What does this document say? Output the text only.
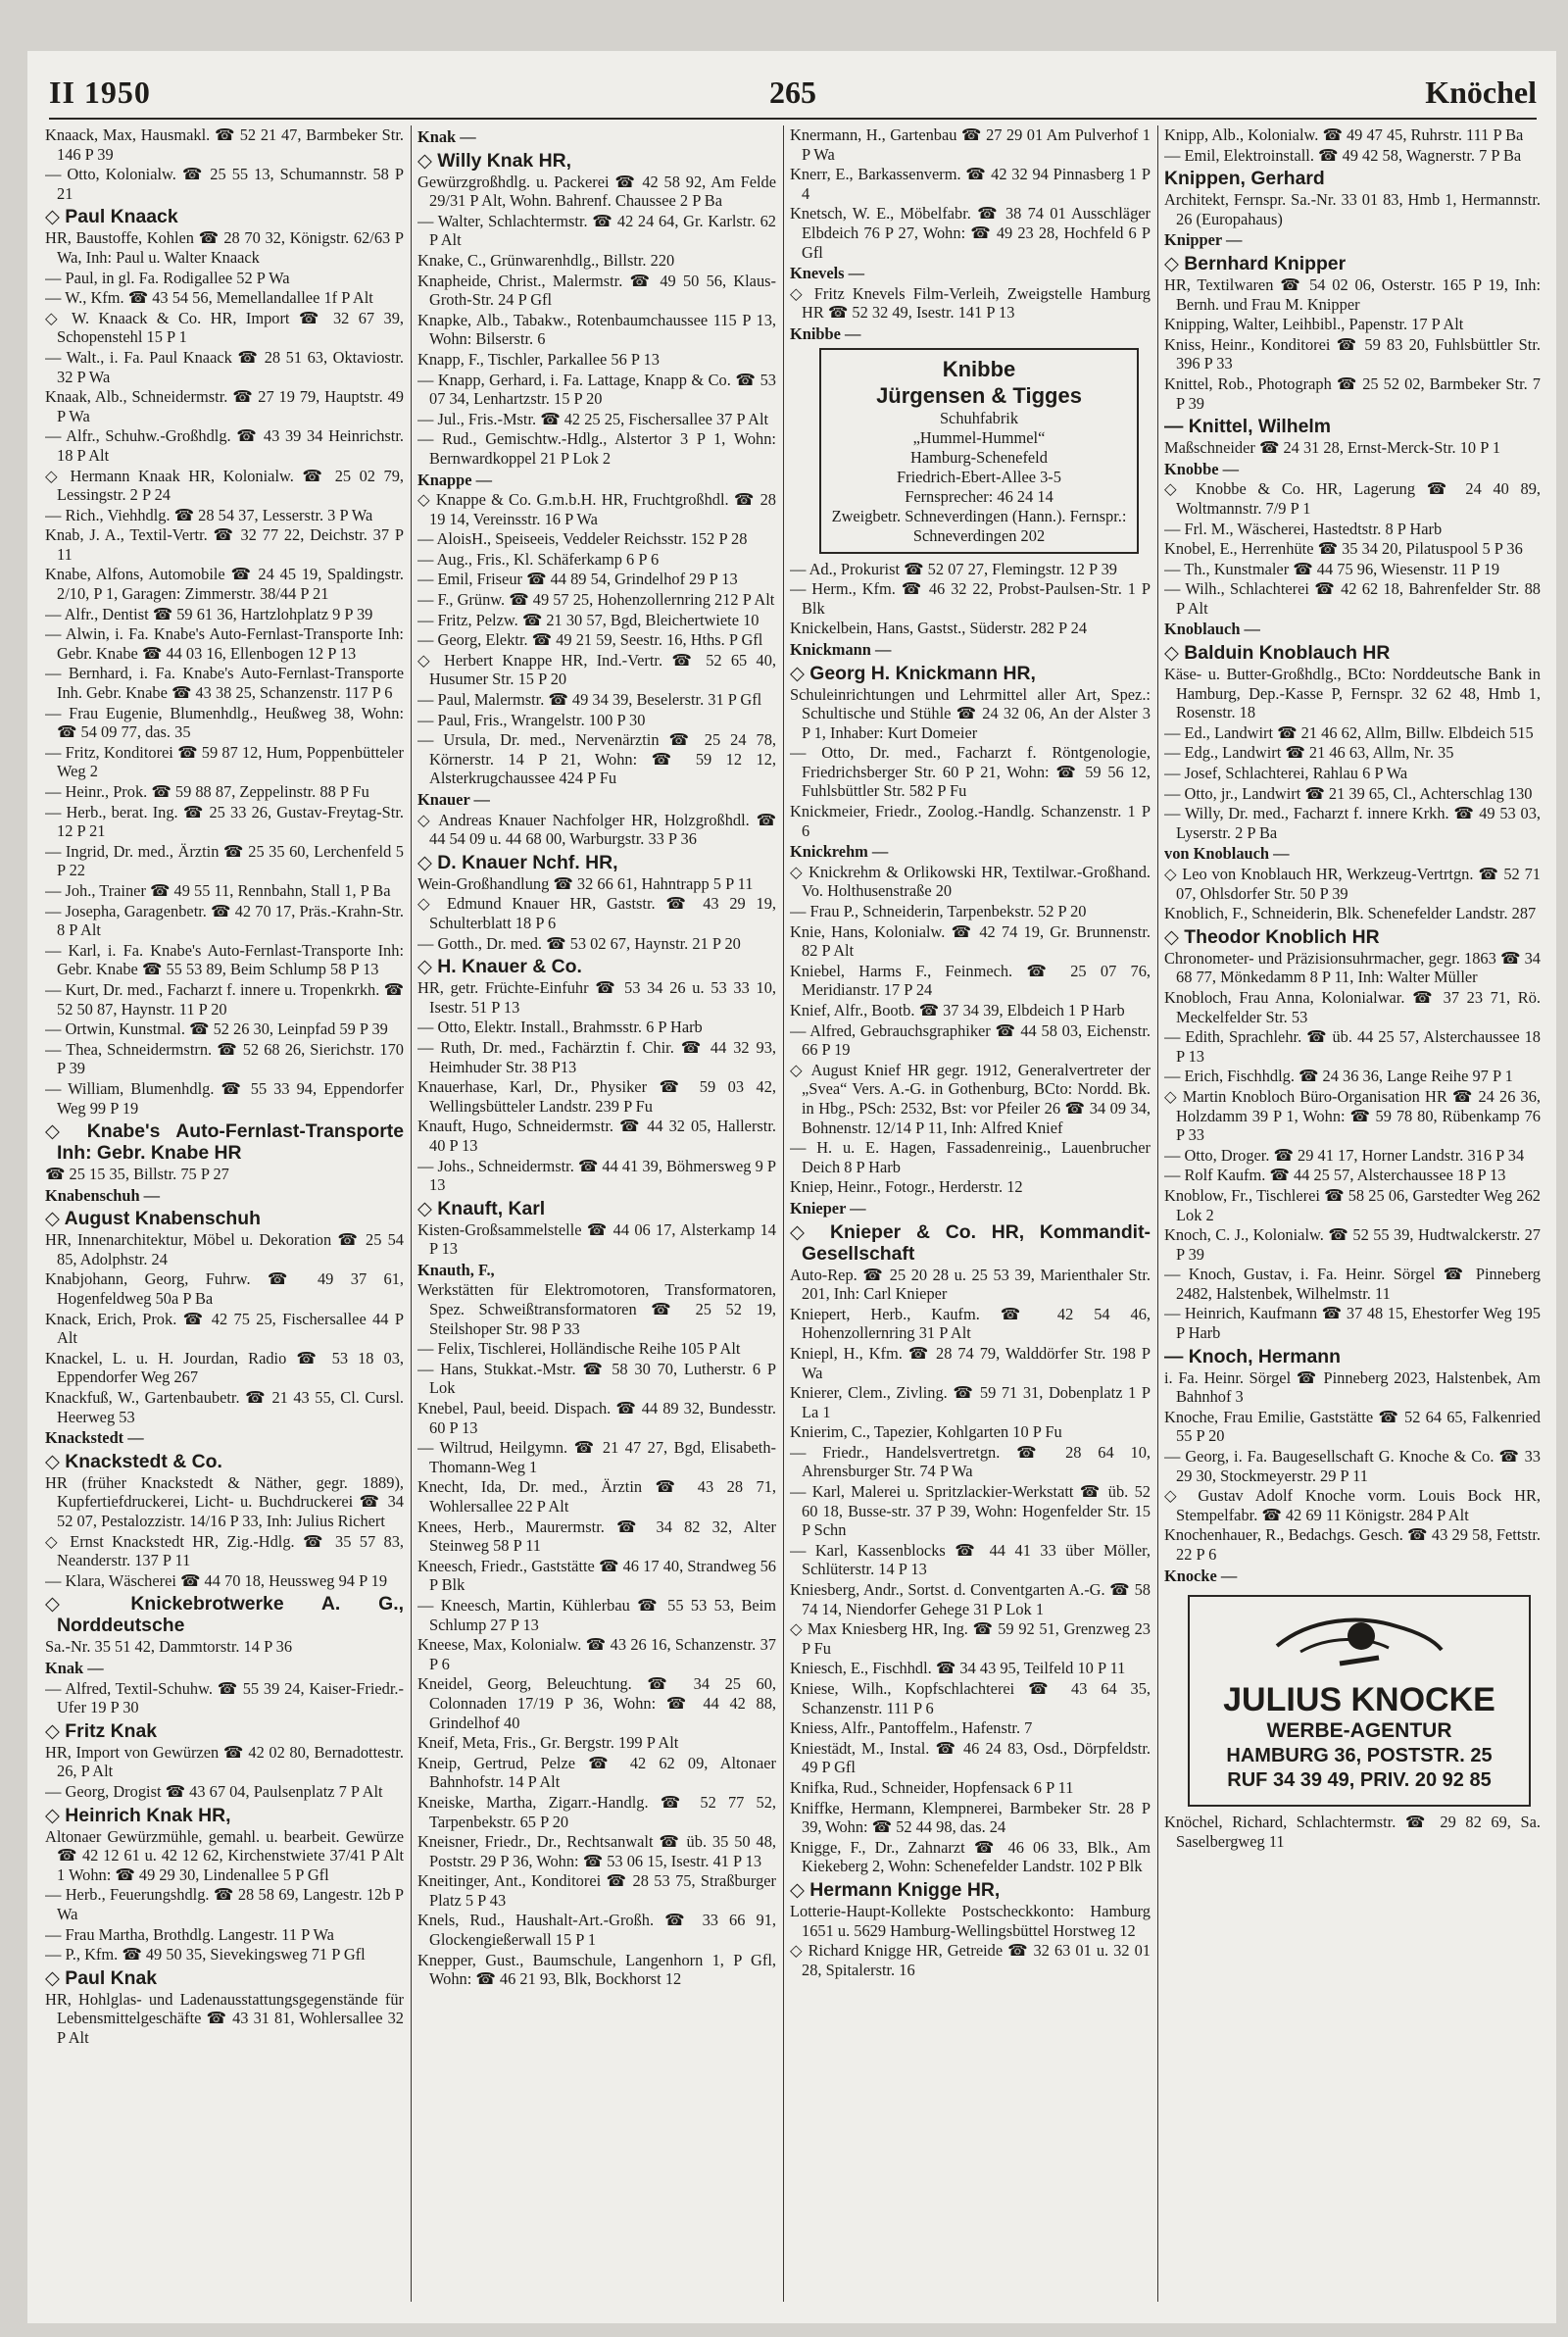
II 1950	265	Knöchel
Knaack, Max, Hausmakl. ☎ 52 21 47, Barmbeker Str. 146 P 39
— Otto, Kolonialw. ☎ 25 55 13, Schumannstr. 58 P 21
◇ Paul Knaack
HR, Baustoffe, Kohlen ☎ 28 70 32, Königstr. 62/63 P Wa, Inh: Paul u. Walter Knaack
— Paul, in gl. Fa. Rodigallee 52 P Wa
— W., Kfm. ☎ 43 54 56, Memellandallee 1f P Alt
◇ W. Knaack & Co. HR, Import ☎ 32 67 39, Schopenstehl 15 P 1
— Walt., i. Fa. Paul Knaack ☎ 28 51 63, Oktaviostr. 32 P Wa
Knaak, Alb., Schneidermstr. ☎ 27 19 79, Hauptstr. 49 P Wa
— Alfr., Schuhw.-Großhdlg. ☎ 43 39 34 Heinrichstr. 18 P Alt
◇ Hermann Knaak HR, Kolonialw. ☎ 25 02 79, Lessingstr. 2 P 24
— Rich., Viehhdlg. ☎ 28 54 37, Lesserstr. 3 P Wa
Knab, J. A., Textil-Vertr. ☎ 32 77 22, Deichstr. 37 P 11
Knabe, Alfons, Automobile ☎ 24 45 19, Spaldingstr. 2/10, P 1, Garagen: Zimmerstr. 38/44 P 21
— Alfr., Dentist ☎ 59 61 36, Hartzlohplatz 9 P 39
— Alwin, i. Fa. Knabe's Auto-Fernlast-Transporte Inh: Gebr. Knabe ☎ 44 03 16, Ellenbogen 12 P 13
— Bernhard, i. Fa. Knabe's Auto-Fernlast-Transporte Inh. Gebr. Knabe ☎ 43 38 25, Schanzenstr. 117 P 6
— Frau Eugenie, Blumenhdlg., Heußweg 38, Wohn: ☎ 54 09 77, das. 35
— Fritz, Konditorei ☎ 59 87 12, Hum, Poppenbütteler Weg 2
— Heinr., Prok. ☎ 59 88 87, Zeppelinstr. 88 P Fu
— Herb., berat. Ing. ☎ 25 33 26, Gustav-Freytag-Str. 12 P 21
— Ingrid, Dr. med., Ärztin ☎ 25 35 60, Lerchenfeld 5 P 22
— Joh., Trainer ☎ 49 55 11, Rennbahn, Stall 1, P Ba
— Josepha, Garagenbetr. ☎ 42 70 17, Präs.-Krahn-Str. 8 P Alt
— Karl, i. Fa. Knabe's Auto-Fernlast-Transporte Inh: Gebr. Knabe ☎ 55 53 89, Beim Schlump 58 P 13
— Kurt, Dr. med., Facharzt f. innere u. Tropenkrkh. ☎ 52 50 87, Haynstr. 11 P 20
— Ortwin, Kunstmal. ☎ 52 26 30, Leinpfad 59 P 39
— Thea, Schneidermstrn. ☎ 52 68 26, Sierichstr. 170 P 39
— William, Blumenhdlg. ☎ 55 33 94, Eppendorfer Weg 99 P 19
◇ Knabe's Auto-Fernlast-Transporte Inh: Gebr. Knabe HR
☎ 25 15 35, Billstr. 75 P 27
Knabenschuh —
◇ August Knabenschuh
HR, Innenarchitektur, Möbel u. Dekoration ☎ 25 54 85, Adolphstr. 24
Knabjohann, Georg, Fuhrw. ☎ 49 37 61, Hogenfeldweg 50a P Ba
Knack, Erich, Prok. ☎ 42 75 25, Fischersallee 44 P Alt
Knackel, L. u. H. Jourdan, Radio ☎ 53 18 03, Eppendorfer Weg 267
Knackfuß, W., Gartenbaubetr. ☎ 21 43 55, Cl. Cursl. Heerweg 53
Knackstedt —
◇ Knackstedt & Co.
HR (früher Knackstedt & Näther, gegr. 1889), Kupfertiefdruckerei, Licht- u. Buchdruckerei ☎ 34 52 07, Pestalozzistr. 14/16 P 33, Inh: Julius Richert
◇ Ernst Knackstedt HR, Zig.-Hdlg. ☎ 35 57 83, Neanderstr. 137 P 11
— Klara, Wäscherei ☎ 44 70 18, Heussweg 94 P 19
◇ Knickebrotwerke A. G., Norddeutsche
Sa.-Nr. 35 51 42, Dammtorstr. 14 P 36
Knak —
— Alfred, Textil-Schuhw. ☎ 55 39 24, Kaiser-Friedr.-Ufer 19 P 30
◇ Fritz Knak
HR, Import von Gewürzen ☎ 42 02 80, Bernadottestr. 26, P Alt
— Georg, Drogist ☎ 43 67 04, Paulsenplatz 7 P Alt
◇ Heinrich Knak HR,
Altonaer Gewürzmühle, gemahl. u. bearbeit. Gewürze ☎ 42 12 61 u. 42 12 62, Kirchenstwiete 37/41 P Alt 1 Wohn: ☎ 49 29 30, Lindenallee 5 P Gfl
— Herb., Feuerungshdlg. ☎ 28 58 69, Langestr. 12b P Wa
— Frau Martha, Brothdlg. Langestr. 11 P Wa
— P., Kfm. ☎ 49 50 35, Sievekingsweg 71 P Gfl
◇ Paul Knak
HR, Hohlglas- und Ladenausstattungsgegenstände für Lebensmittelgeschäfte ☎ 43 31 81, Wohlersallee 32 P Alt
Knak —
◇ Willy Knak HR,
Gewürzgroßhdlg. u. Packerei ☎ 42 58 92, Am Felde 29/31 P Alt, Wohn. Bahrenf. Chaussee 2 P Ba
— Walter, Schlachtermstr. ☎ 42 24 64, Gr. Karlstr. 62 P Alt
Knake, C., Grünwarenhdlg., Billstr. 220
Knapheide, Christ., Malermstr. ☎ 49 50 56, Klaus-Groth-Str. 24 P Gfl
Knapke, Alb., Tabakw., Rotenbaumchaussee 115 P 13, Wohn: Bilserstr. 6
Knapp, F., Tischler, Parkallee 56 P 13
— Knapp, Gerhard, i. Fa. Lattage, Knapp & Co. ☎ 53 07 34, Lenhartzstr. 15 P 20
— Jul., Fris.-Mstr. ☎ 42 25 25, Fischersallee 37 P Alt
— Rud., Gemischtw.-Hdlg., Alstertor 3 P 1, Wohn: Bernwardkoppel 21 P Lok 2
Knappe —
◇ Knappe & Co. G.m.b.H. HR, Fruchtgroßhdl. ☎ 28 19 14, Vereinsstr. 16 P Wa
— AloisH., Speiseeis, Veddeler Reichsstr. 152 P 28
— Aug., Fris., Kl. Schäferkamp 6 P 6
— Emil, Friseur ☎ 44 89 54, Grindelhof 29 P 13
— F., Grünw. ☎ 49 57 25, Hohenzollernring 212 P Alt
— Fritz, Pelzw. ☎ 21 30 57, Bgd, Bleichertwiete 10
— Georg, Elektr. ☎ 49 21 59, Seestr. 16, Hths. P Gfl
◇ Herbert Knappe HR, Ind.-Vertr. ☎ 52 65 40, Husumer Str. 15 P 20
— Paul, Malermstr. ☎ 49 34 39, Beselerstr. 31 P Gfl
— Paul, Fris., Wrangelstr. 100 P 30
— Ursula, Dr. med., Nervenärztin ☎ 25 24 78, Körnerstr. 14 P 21, Wohn: ☎ 59 12 12, Alsterkrugchaussee 424 P Fu
Knauer —
◇ Andreas Knauer Nachfolger HR, Holzgroßhdl. ☎ 44 54 09 u. 44 68 00, Warburgstr. 33 P 36
◇ D. Knauer Nchf. HR,
Wein-Großhandlung ☎ 32 66 61, Hahntrapp 5 P 11
◇ Edmund Knauer HR, Gaststr. ☎ 43 29 19, Schulterblatt 18 P 6
— Gotth., Dr. med. ☎ 53 02 67, Haynstr. 21 P 20
◇ H. Knauer & Co.
HR, getr. Früchte-Einfuhr ☎ 53 34 26 u. 53 33 10, Isestr. 51 P 13
— Otto, Elektr. Install., Brahmsstr. 6 P Harb
— Ruth, Dr. med., Fachärztin f. Chir. ☎ 44 32 93, Heimhuder Str. 38 P13
Knauerhase, Karl, Dr., Physiker ☎ 59 03 42, Wellingsbütteler Landstr. 239 P Fu
Knauft, Hugo, Schneidermstr. ☎ 44 32 05, Hallerstr. 40 P 13
— Johs., Schneidermstr. ☎ 44 41 39, Böhmersweg 9 P 13
◇ Knauft, Karl
Kisten-Großsammelstelle ☎ 44 06 17, Alsterkamp 14 P 13
Knauth, F.,
Werkstätten für Elektromotoren, Transformatoren, Spez. Schweißtransformatoren ☎ 25 52 19, Steilshoper Str. 98 P 33
— Felix, Tischlerei, Holländische Reihe 105 P Alt
— Hans, Stukkat.-Mstr. ☎ 58 30 70, Lutherstr. 6 P Lok
Knebel, Paul, beeid. Dispach. ☎ 44 89 32, Bundesstr. 60 P 13
— Wiltrud, Heilgymn. ☎ 21 47 27, Bgd, Elisabeth-Thomann-Weg 1
Knecht, Ida, Dr. med., Ärztin ☎ 43 28 71, Wohlersallee 22 P Alt
Knees, Herb., Maurermstr. ☎ 34 82 32, Alter Steinweg 58 P 11
Kneesch, Friedr., Gaststätte ☎ 46 17 40, Strandweg 56 P Blk
— Kneesch, Martin, Kühlerbau ☎ 55 53 53, Beim Schlump 27 P 13
Kneese, Max, Kolonialw. ☎ 43 26 16, Schanzenstr. 37 P 6
Kneidel, Georg, Beleuchtung. ☎ 34 25 60, Colonnaden 17/19 P 36, Wohn: ☎ 44 42 88, Grindelhof 40
Kneif, Meta, Fris., Gr. Bergstr. 199 P Alt
Kneip, Gertrud, Pelze ☎ 42 62 09, Altonaer Bahnhofstr. 14 P Alt
Kneiske, Martha, Zigarr.-Handlg. ☎ 52 77 52, Tarpenbekstr. 65 P 20
Kneisner, Friedr., Dr., Rechtsanwalt ☎ üb. 35 50 48, Poststr. 29 P 36, Wohn: ☎ 53 06 15, Isestr. 41 P 13
Kneitinger, Ant., Konditorei ☎ 28 53 75, Straßburger Platz 5 P 43
Knels, Rud., Haushalt-Art.-Großh. ☎ 33 66 91, Glockengießerwall 15 P 1
Knepper, Gust., Baumschule, Langenhorn 1, P Gfl, Wohn: ☎ 46 21 93, Blk, Bockhorst 12
Knermann, H., Gartenbau ☎ 27 29 01 Am Pulverhof 1 P Wa
Knerr, E., Barkassenverm. ☎ 42 32 94 Pinnasberg 1 P 4
Knetsch, W. E., Möbelfabr. ☎ 38 74 01 Ausschläger Elbdeich 76 P 27, Wohn: ☎ 49 23 28, Hochfeld 6 P Gfl
Knevels —
◇ Fritz Knevels Film-Verleih, Zweigstelle Hamburg HR ☎ 52 32 49, Isestr. 141 P 13
Knibbe —
Knibbe
Jürgensen & Tigges
Schuhfabrik
„Hummel-Hummel“
Hamburg-Schenefeld
Friedrich-Ebert-Allee 3-5
Fernsprecher: 46 24 14
Zweigbetr. Schneverdingen (Hann.). Fernspr.: Schneverdingen 202
— Ad., Prokurist ☎ 52 07 27, Flemingstr. 12 P 39
— Herm., Kfm. ☎ 46 32 22, Probst-Paulsen-Str. 1 P Blk
Knickelbein, Hans, Gastst., Süderstr. 282 P 24
Knickmann —
◇ Georg H. Knickmann HR,
Schuleinrichtungen und Lehrmittel aller Art, Spez.: Schultische und Stühle ☎ 24 32 06, An der Alster 3 P 1, Inhaber: Kurt Domeier
— Otto, Dr. med., Facharzt f. Röntgenologie, Friedrichsberger Str. 60 P 21, Wohn: ☎ 59 56 12, Fuhlsbüttler Str. 582 P Fu
Knickmeier, Friedr., Zoolog.-Handlg. Schanzenstr. 1 P 6
Knickrehm —
◇ Knickrehm & Orlikowski HR, Textilwar.-Großhand. Vo. Holthusenstraße 20
— Frau P., Schneiderin, Tarpenbekstr. 52 P 20
Knie, Hans, Kolonialw. ☎ 42 74 19, Gr. Brunnenstr. 82 P Alt
Kniebel, Harms F., Feinmech. ☎ 25 07 76, Meridianstr. 17 P 24
Knief, Alfr., Bootb. ☎ 37 34 39, Elbdeich 1 P Harb
— Alfred, Gebrauchsgraphiker ☎ 44 58 03, Eichenstr. 66 P 19
◇ August Knief HR gegr. 1912, Generalvertreter der „Svea“ Vers. A.-G. in Gothenburg, BCto: Nordd. Bk. in Hbg., PSch: 2532, Bst: vor Pfeiler 26 ☎ 34 09 34, Bohnenstr. 12/14 P 11, Inh: Alfred Knief
— H. u. E. Hagen, Fassadenreinig., Lauenbrucher Deich 8 P Harb
Kniep, Heinr., Fotogr., Herderstr. 12
Knieper —
◇ Knieper & Co. HR, Kommandit-Gesellschaft
Auto-Rep. ☎ 25 20 28 u. 25 53 39, Marienthaler Str. 201, Inh: Carl Knieper
Kniepert, Herb., Kaufm. ☎ 42 54 46, Hohenzollernring 31 P Alt
Kniepl, H., Kfm. ☎ 28 74 79, Walddörfer Str. 198 P Wa
Knierer, Clem., Zivling. ☎ 59 71 31, Dobenplatz 1 P La 1
Knierim, C., Tapezier, Kohlgarten 10 P Fu
— Friedr., Handelsvertretgn. ☎ 28 64 10, Ahrensburger Str. 74 P Wa
— Karl, Malerei u. Spritzlackier-Werkstatt ☎ üb. 52 60 18, Busse-str. 37 P 39, Wohn: Hogenfelder Str. 15 P Schn
— Karl, Kassenblocks ☎ 44 41 33 über Möller, Schlüterstr. 14 P 13
Kniesberg, Andr., Sortst. d. Conventgarten A.-G. ☎ 58 74 14, Niendorfer Gehege 31 P Lok 1
◇ Max Kniesberg HR, Ing. ☎ 59 92 51, Grenzweg 23 P Fu
Kniesch, E., Fischhdl. ☎ 34 43 95, Teilfeld 10 P 11
Kniese, Wilh., Kopfschlachterei ☎ 43 64 35, Schanzenstr. 111 P 6
Kniess, Alfr., Pantoffelm., Hafenstr. 7
Kniestädt, M., Instal. ☎ 46 24 83, Osd., Dörpfeldstr. 49 P Gfl
Knifka, Rud., Schneider, Hopfensack 6 P 11
Kniffke, Hermann, Klempnerei, Barmbeker Str. 28 P 39, Wohn: ☎ 52 44 98, das. 24
Knigge, F., Dr., Zahnarzt ☎ 46 06 33, Blk., Am Kiekeberg 2, Wohn: Schenefelder Landstr. 102 P Blk
◇ Hermann Knigge HR,
Lotterie-Haupt-Kollekte Postscheckkonto: Hamburg 1651 u. 5629 Hamburg-Wellingsbüttel Horstweg 12
◇ Richard Knigge HR, Getreide ☎ 32 63 01 u. 32 01 28, Spitalerstr. 16
Knipp, Alb., Kolonialw. ☎ 49 47 45, Ruhrstr. 111 P Ba
— Emil, Elektroinstall. ☎ 49 42 58, Wagnerstr. 7 P Ba
Knippen, Gerhard
Architekt, Fernspr. Sa.-Nr. 33 01 83, Hmb 1, Hermannstr. 26 (Europahaus)
Knipper —
◇ Bernhard Knipper
HR, Textilwaren ☎ 54 02 06, Osterstr. 165 P 19, Inh: Bernh. und Frau M. Knipper
Knipping, Walter, Leihbibl., Papenstr. 17 P Alt
Kniss, Heinr., Konditorei ☎ 59 83 20, Fuhlsbüttler Str. 396 P 33
Knittel, Rob., Photograph ☎ 25 52 02, Barmbeker Str. 7 P 39
— Knittel, Wilhelm
Maßschneider ☎ 24 31 28, Ernst-Merck-Str. 10 P 1
Knobbe —
◇ Knobbe & Co. HR, Lagerung ☎ 24 40 89, Woltmannstr. 7/9 P 1
— Frl. M., Wäscherei, Hastedtstr. 8 P Harb
Knobel, E., Herrenhüte ☎ 35 34 20, Pilatuspool 5 P 36
— Th., Kunstmaler ☎ 44 75 96, Wiesenstr. 11 P 19
— Wilh., Schlachterei ☎ 42 62 18, Bahrenfelder Str. 88 P Alt
Knoblauch —
◇ Balduin Knoblauch HR
Käse- u. Butter-Großhdlg., BCto: Norddeutsche Bank in Hamburg, Dep.-Kasse P, Fernspr. 32 62 48, Hmb 1, Rosenstr. 18
— Ed., Landwirt ☎ 21 46 62, Allm, Billw. Elbdeich 515
— Edg., Landwirt ☎ 21 46 63, Allm, Nr. 35
— Josef, Schlachterei, Rahlau 6 P Wa
— Otto, jr., Landwirt ☎ 21 39 65, Cl., Achterschlag 130
— Willy, Dr. med., Facharzt f. innere Krkh. ☎ 49 53 03, Lyserstr. 2 P Ba
von Knoblauch —
◇ Leo von Knoblauch HR, Werkzeug-Vertrtgn. ☎ 52 71 07, Ohlsdorfer Str. 50 P 39
Knoblich, F., Schneiderin, Blk. Schenefelder Landstr. 287
◇ Theodor Knoblich HR
Chronometer- und Präzisionsuhrmacher, gegr. 1863 ☎ 34 68 77, Mönkedamm 8 P 11, Inh: Walter Müller
Knobloch, Frau Anna, Kolonialwar. ☎ 37 23 71, Rö. Meckelfelder Str. 53
— Edith, Sprachlehr. ☎ üb. 44 25 57, Alsterchaussee 18 P 13
— Erich, Fischhdlg. ☎ 24 36 36, Lange Reihe 97 P 1
◇ Martin Knobloch Büro-Organisation HR ☎ 24 26 36, Holzdamm 39 P 1, Wohn: ☎ 59 78 80, Rübenkamp 76 P 33
— Otto, Droger. ☎ 29 41 17, Horner Landstr. 316 P 34
— Rolf Kaufm. ☎ 44 25 57, Alsterchaussee 18 P 13
Knoblow, Fr., Tischlerei ☎ 58 25 06, Garstedter Weg 262 Lok 2
Knoch, C. J., Kolonialw. ☎ 52 55 39, Hudtwalckerstr. 27 P 39
— Knoch, Gustav, i. Fa. Heinr. Sörgel ☎ Pinneberg 2482, Halstenbek, Wilhelmstr. 11
— Heinrich, Kaufmann ☎ 37 48 15, Ehestorfer Weg 195 P Harb
— Knoch, Hermann
i. Fa. Heinr. Sörgel ☎ Pinneberg 2023, Halstenbek, Am Bahnhof 3
Knoche, Frau Emilie, Gaststätte ☎ 52 64 65, Falkenried 55 P 20
— Georg, i. Fa. Baugesellschaft G. Knoche & Co. ☎ 33 29 30, Stockmeyerstr. 29 P 11
◇ Gustav Adolf Knoche vorm. Louis Bock HR, Stempelfabr. ☎ 42 69 11 Königstr. 284 P Alt
Knochenhauer, R., Bedachgs. Gesch. ☎ 43 29 58, Fettstr. 22 P 6
Knocke —
JULIUS KNOCKE
WERBE-AGENTUR
HAMBURG 36, POSTSTR. 25
RUF 34 39 49, PRIV. 20 92 85
Knöchel, Richard, Schlachtermstr. ☎ 29 82 69, Sa. Saselbergweg 11
